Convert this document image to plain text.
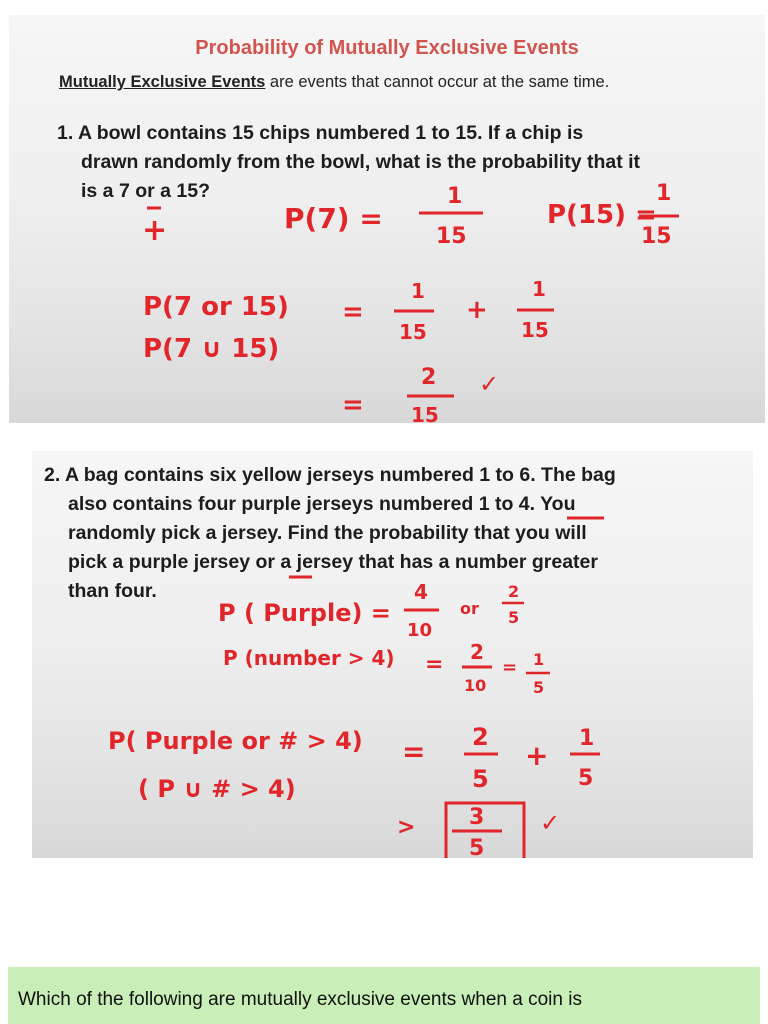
Probability of Mutually Exclusive Events
Mutually Exclusive Events are events that cannot occur at the same time.
1. A bowl contains 15 chips numbered 1 to 15. If a chip is
drawn randomly from the bowl, what is the probability that it
is a 7 or a 15?
+	P(7) =
1
15
P(15) =
1
15
P(7 or 15)
P(7 ∪ 15)
=
1
15
+
1
15
=
2
15
✓
2. A bag contains six yellow jerseys numbered 1 to 6. The bag
also contains four purple jerseys numbered 1 to 4. You
randomly pick a jersey. Find the probability that you will
pick a purple jersey or a jersey that has a number greater
than four.
P ( Purple) =
4
10
or
2
5
P (number > 4) = 2
10
= 1
5
P( Purple or # > 4)
( P ∪ # > 4)
= 2
5
+
1
5
> 3
5
✓
Which of the following are mutually exclusive events when a coin is
